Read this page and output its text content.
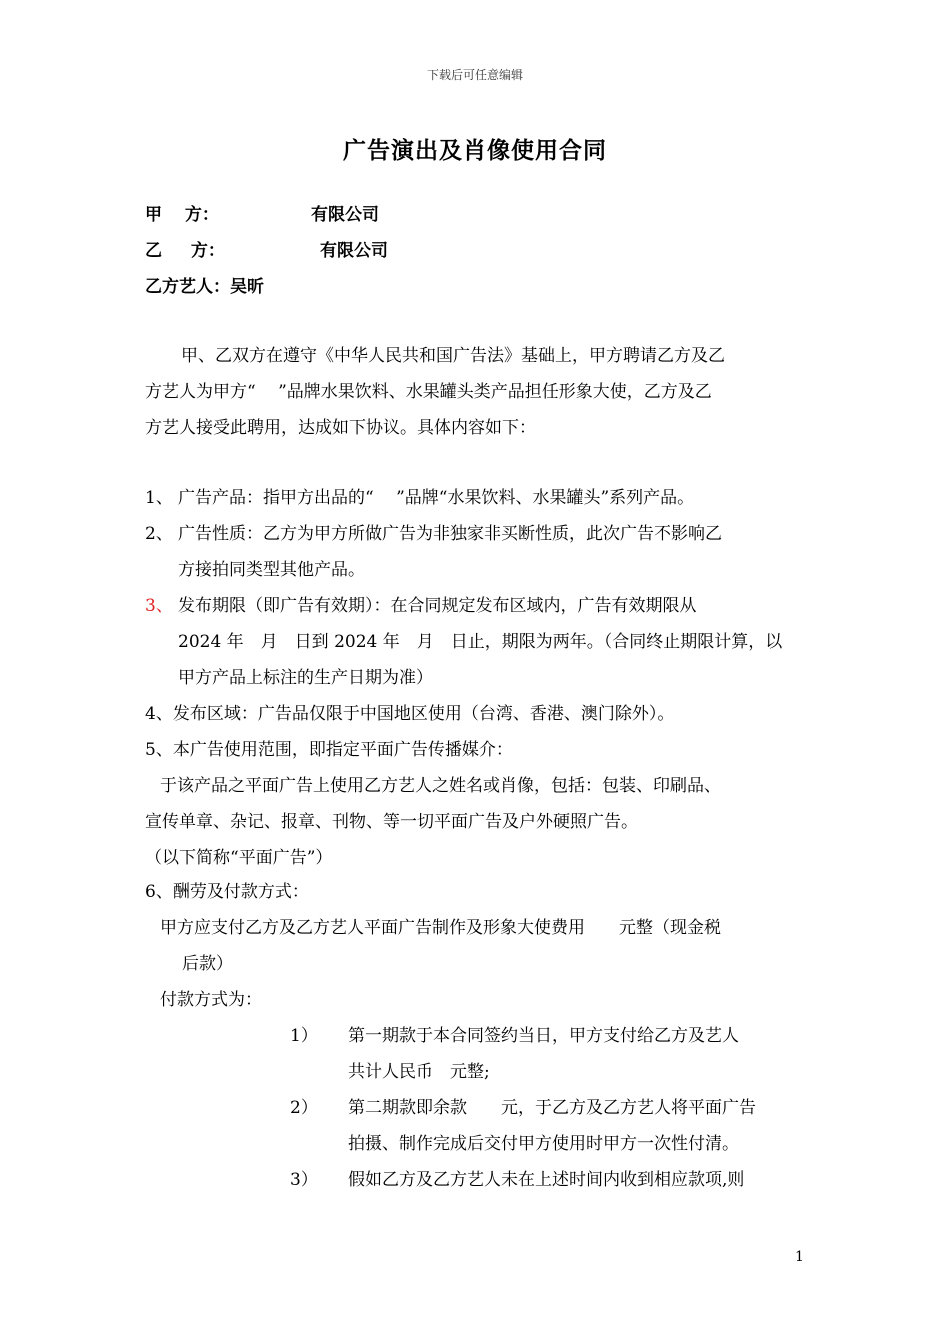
下载后可任意编辑
广告演出及肖像使用合同
甲　 方：	有限公司
乙 　 方：	有限公司
乙方艺人：吴昕
甲、乙双方在遵守《中华人民共和国广告法》基础上，甲方聘请乙方及乙
方艺人为甲方“　 ”品牌水果饮料、水果罐头类产品担任形象大使，乙方及乙
方艺人接受此聘用，达成如下协议。具体内容如下：
1、 广告产品：指甲方出品的“　 ”品牌“水果饮料、水果罐头”系列产品。
2、 广告性质：乙方为甲方所做广告为非独家非买断性质，此次广告不影响乙
方接拍同类型其他产品。
3、 发布期限（即广告有效期）：在合同规定发布区域内，广告有效期限从
2024 年　月　日到 2024 年　月　日止，期限为两年。（合同终止期限计算，以
甲方产品上标注的生产日期为准）
4、发布区域：广告品仅限于中国地区使用（台湾、香港、澳门除外）。
5、本广告使用范围，即指定平面广告传播媒介：
于该产品之平面广告上使用乙方艺人之姓名或肖像，包括：包装、印刷品、
宣传单章、杂记、报章、刊物、等一切平面广告及户外硬照广告。
（以下简称“平面广告”）
6、酬劳及付款方式：
甲方应支付乙方及乙方艺人平面广告制作及形象大使费用　　元整（现金税
后款）
付款方式为：
1） 第一期款于本合同签约当日，甲方支付给乙方及艺人
共计人民币　元整;
2） 第二期款即余款　　元，于乙方及乙方艺人将平面广告
拍摄、制作完成后交付甲方使用时甲方一次性付清。
3） 假如乙方及乙方艺人未在上述时间内收到相应款项,则
1
